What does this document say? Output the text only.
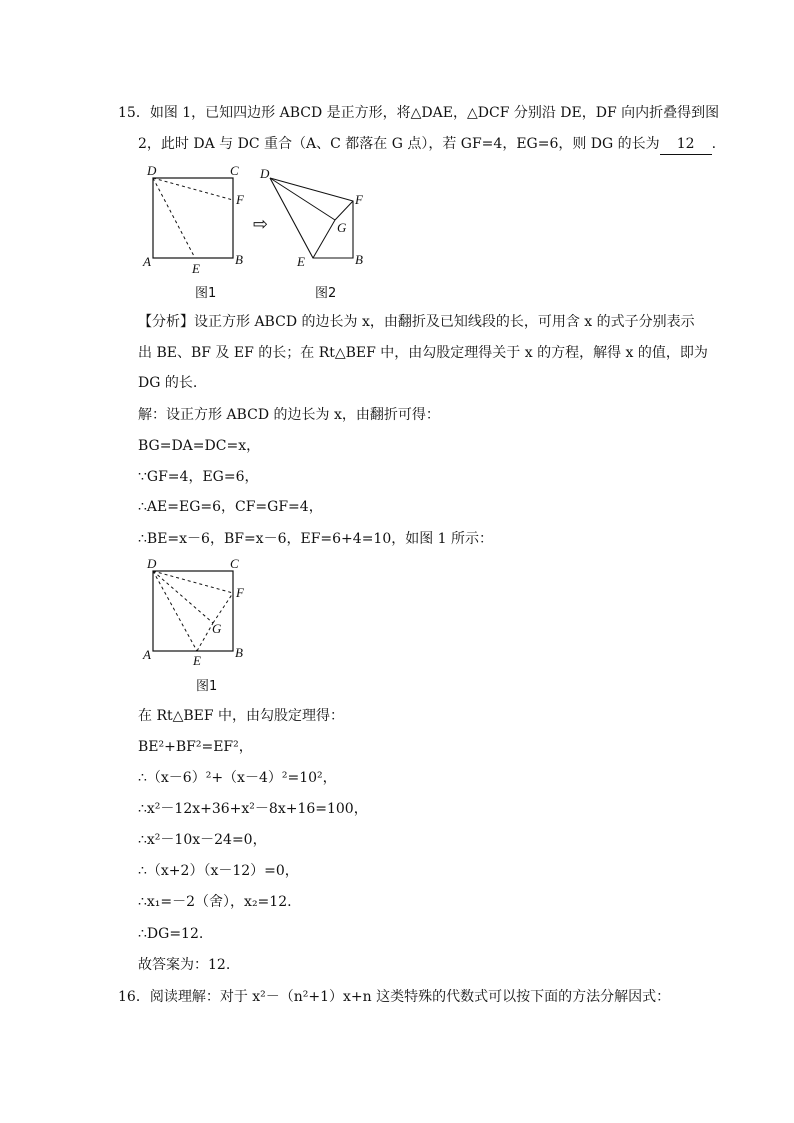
15．如图 1，已知四边形 ABCD 是正方形，将△DAE，△DCF 分别沿 DE，DF 向内折叠得到图
2，此时 DA 与 DC 重合（A、C 都落在 G 点），若 GF=4，EG=6，则 DG 的长为 12 .
D	C
F
A	E
B
图1
⇨
D
F
G
E	B
图2
【分析】设正方形 ABCD 的边长为 x，由翻折及已知线段的长，可用含 x 的式子分别表示
出 BE、BF 及 EF 的长；在 Rt△BEF 中，由勾股定理得关于 x 的方程，解得 x 的值，即为
DG 的长.
解：设正方形 ABCD 的边长为 x，由翻折可得：
BG=DA=DC=x，
∵GF=4，EG=6，
∴AE=EG=6，CF=GF=4，
∴BE=x－6，BF=x－6，EF=6+4=10，如图 1 所示：
D	C
F
G
A	E
B
图1
在 Rt△BEF 中，由勾股定理得：
BE²+BF²=EF²，
∴（x－6）²+（x－4）²=10²，
∴x²－12x+36+x²－8x+16=100，
∴x²－10x－24=0，
∴（x+2）（x－12）=0，
∴x₁=－2（舍），x₂=12.
∴DG=12.
故答案为：12.
16．阅读理解：对于 x²－（n²+1）x+n 这类特殊的代数式可以按下面的方法分解因式：
